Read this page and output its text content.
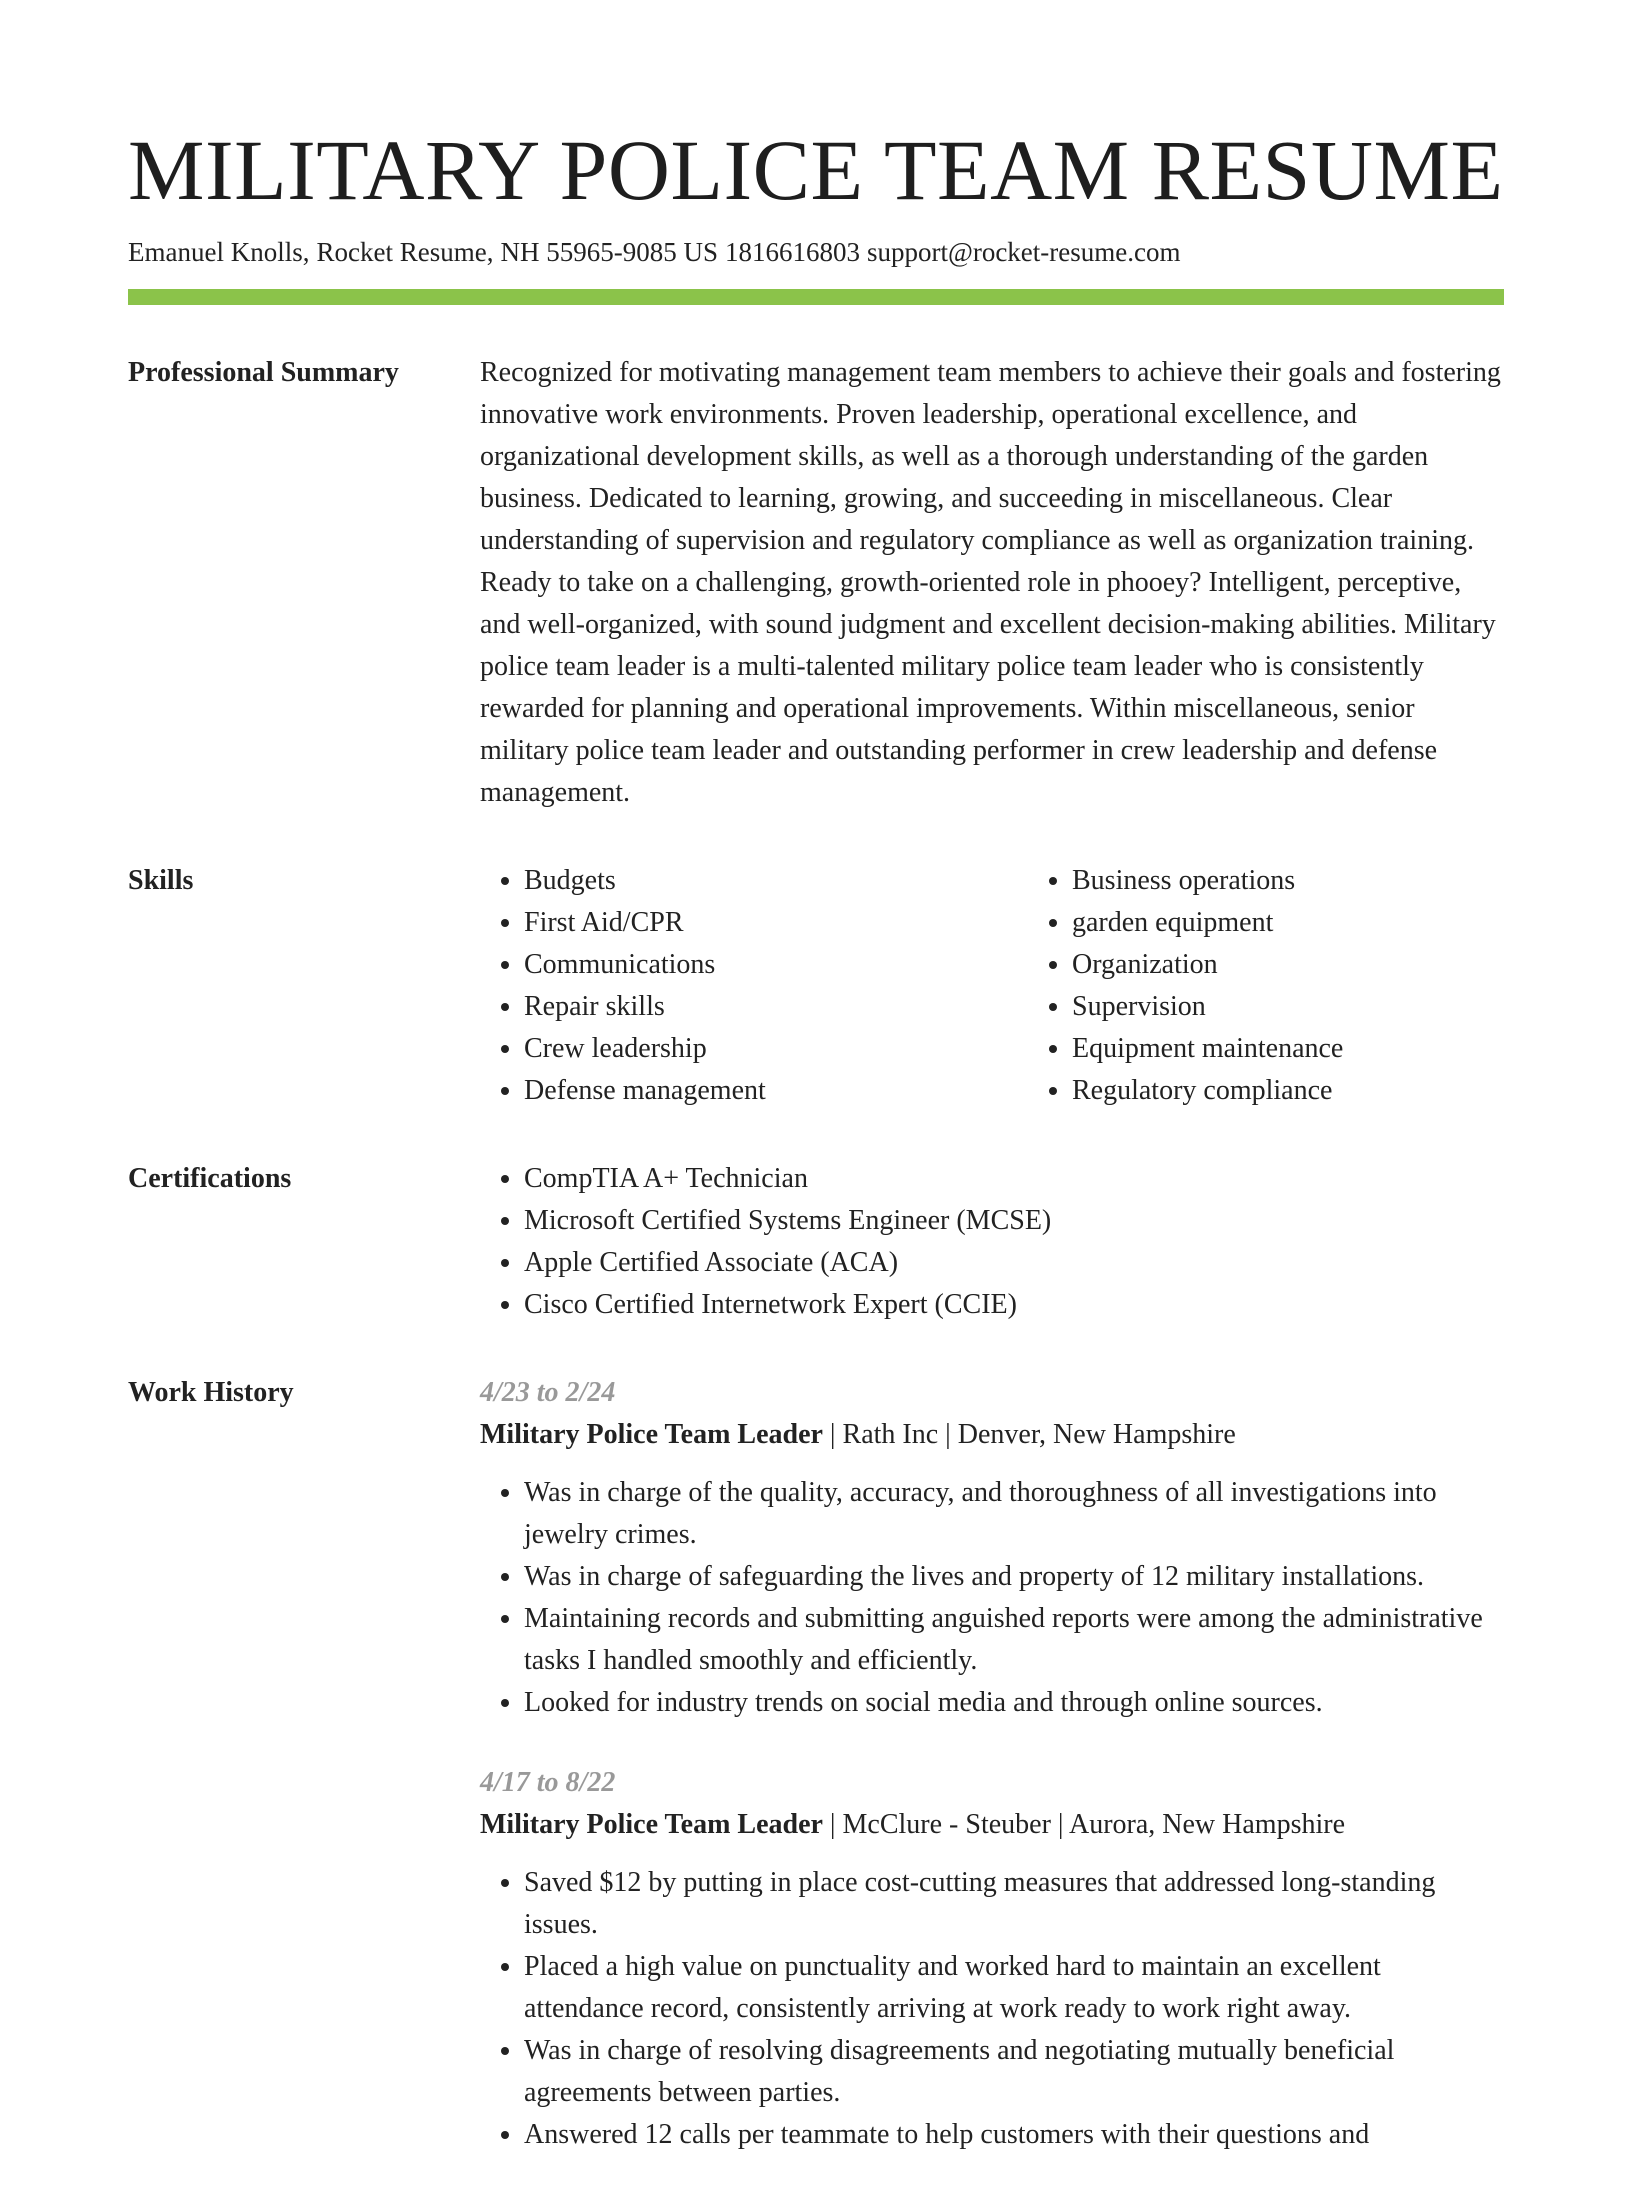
MILITARY POLICE TEAM RESUME
Emanuel Knolls, Rocket Resume, NH 55965-9085 US 1816616803 support@rocket-resume.com
Professional Summary	Recognized for motivating management team members to achieve their goals and fostering innovative work environments. Proven leadership, operational excellence, and organizational development skills, as well as a thorough understanding of the garden business. Dedicated to learning, growing, and succeeding in miscellaneous. Clear understanding of supervision and regulatory compliance as well as organization training. Ready to take on a challenging, growth-oriented role in phooey? Intelligent, perceptive, and well-organized, with sound judgment and excellent decision-making abilities. Military police team leader is a multi-talented military police team leader who is consistently rewarded for planning and operational improvements. Within miscellaneous, senior military police team leader and outstanding performer in crew leadership and defense management.

Skills	• Budgets
• First Aid/CPR
• Communications
• Repair skills
• Crew leadership
• Defense management
• Business operations
• garden equipment
• Organization
• Supervision
• Equipment maintenance
• Regulatory compliance
Certifications	• CompTIA A+ Technician
• Microsoft Certified Systems Engineer (MCSE)
• Apple Certified Associate (ACA)
• Cisco Certified Internetwork Expert (CCIE)
Work History	4/23 to 2/24
Military Police Team Leader | Rath Inc | Denver, New Hampshire
• Was in charge of the quality, accuracy, and thoroughness of all investigations into jewelry crimes.
• Was in charge of safeguarding the lives and property of 12 military installations.
• Maintaining records and submitting anguished reports were among the administrative tasks I handled smoothly and efficiently.
• Looked for industry trends on social media and through online sources.
4/17 to 8/22
Military Police Team Leader | McClure - Steuber | Aurora, New Hampshire
• Saved $12 by putting in place cost-cutting measures that addressed long-standing issues.
• Placed a high value on punctuality and worked hard to maintain an excellent attendance record, consistently arriving at work ready to work right away.
• Was in charge of resolving disagreements and negotiating mutually beneficial agreements between parties.
• Answered 12 calls per teammate to help customers with their questions and
